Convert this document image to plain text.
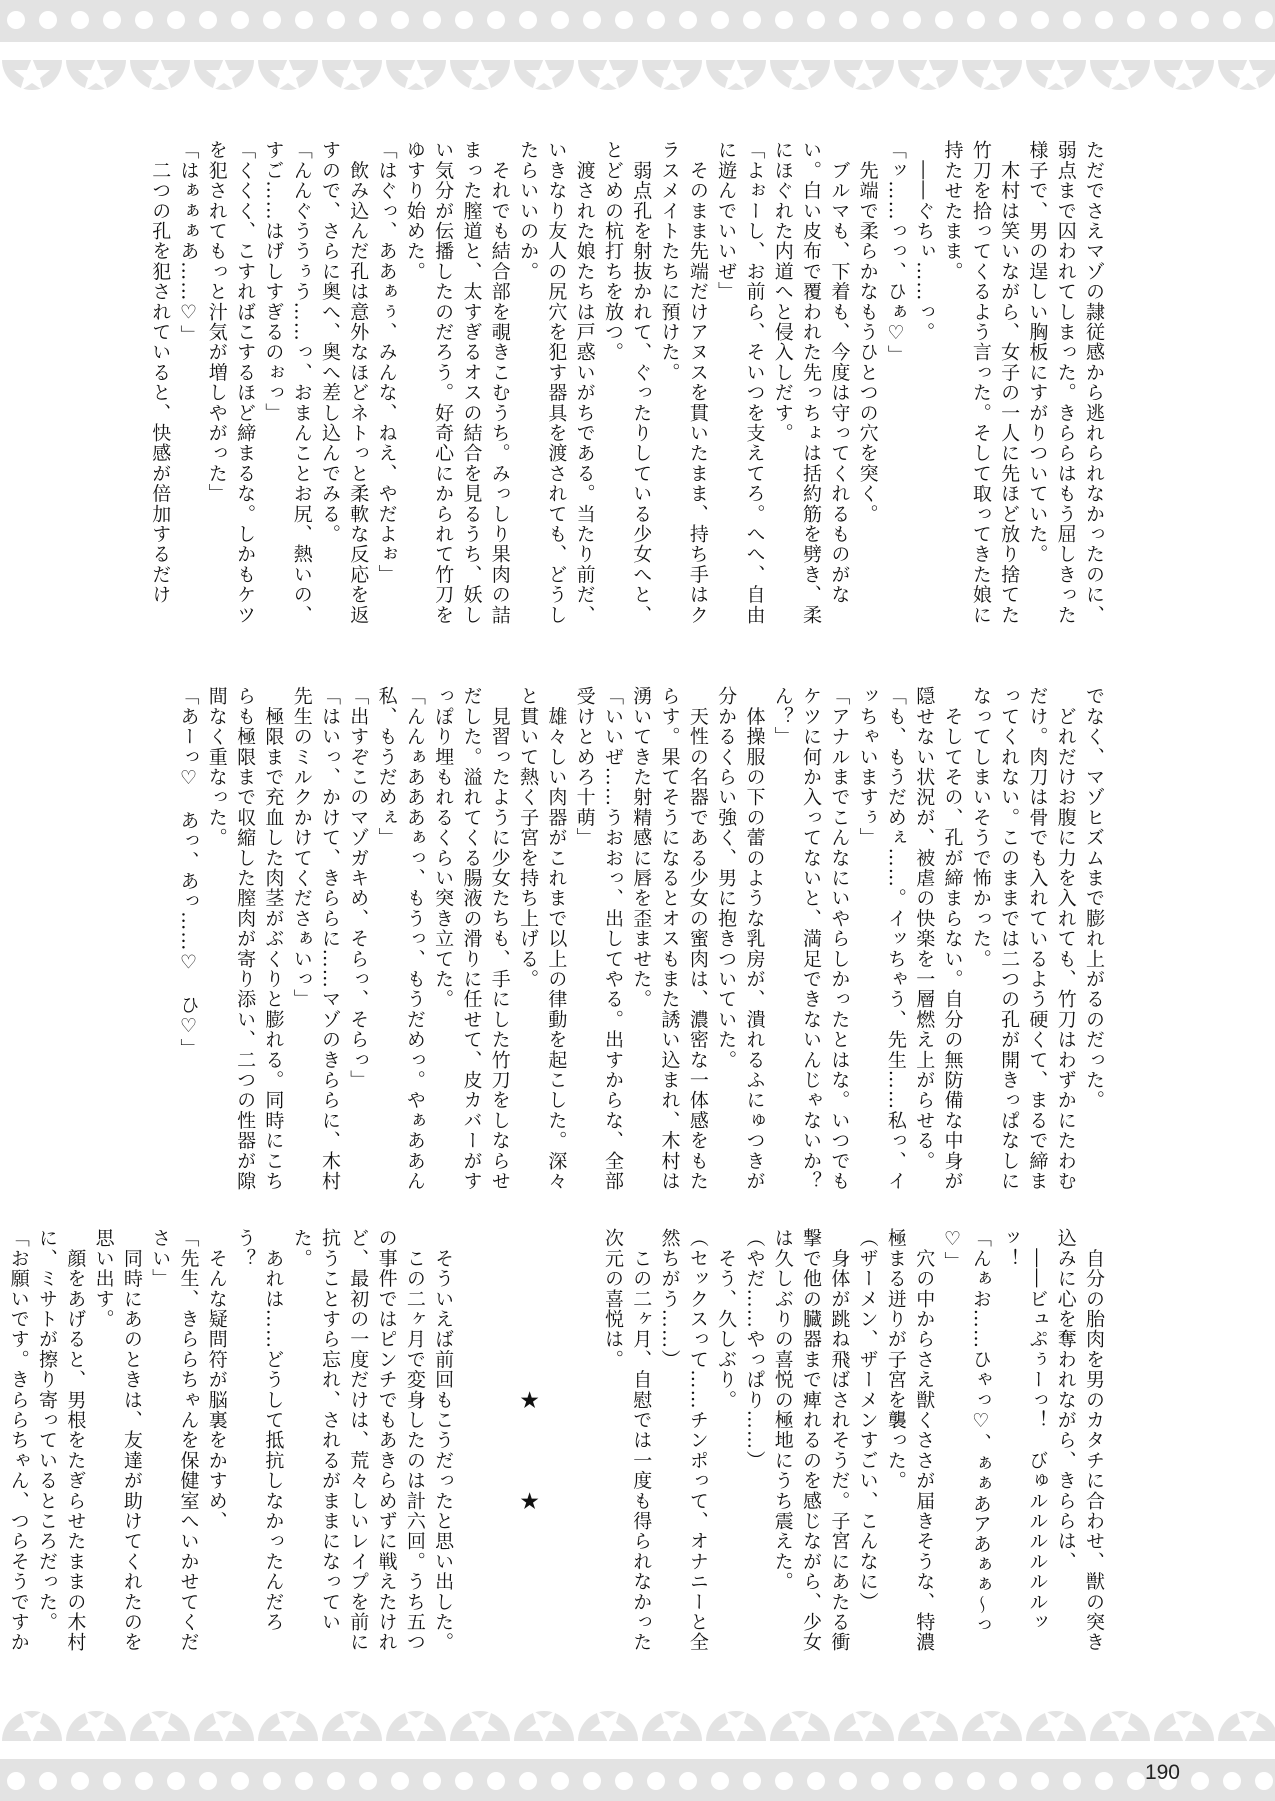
ただでさえマゾの隷従感から逃れられなかったのに、弱点まで囚われてしまった。きららはもう屈しきった様子で、男の逞しい胸板にすがりついていた。
　木村は笑いながら、女子の一人に先ほど放り捨てた竹刀を拾ってくるよう言った。そして取ってきた娘に持たせたまま。
　――ぐちぃ……っ。
「ッ……っっ、ひぁ♡」
　先端で柔らかなもうひとつの穴を突く。
　ブルマも、下着も、今度は守ってくれるものがない。白い皮布で覆われた先っちょは括約筋を劈き、柔にほぐれた内道へと侵入しだす。
「よぉーし、お前ら、そいつを支えてろ。へへ、自由に遊んでいいぜ」
　そのまま先端だけアヌスを貫いたまま、持ち手はクラスメイトたちに預けた。
　弱点孔を射抜かれて、ぐったりしている少女へと、とどめの杭打ちを放つ。
　渡された娘たちは戸惑いがちである。当たり前だ、いきなり友人の尻穴を犯す器具を渡されても、どうしたらいいのか。
　それでも結合部を覗きこむうち。みっしり果肉の詰まった膣道と、太すぎるオスの結合を見るうち、妖しい気分が伝播したのだろう。好奇心にかられて竹刀をゆすり始めた。
「はぐっ、ああぁぅ、みんな、ねえ、やだよぉ」
　飲み込んだ孔は意外なほどネトっと柔軟な反応を返すので、さらに奥へ、奥へ差し込んでみる。
「んんぐううぅう……っ、おまんことお尻、熱いの、すご……はげしすぎるのぉっ」
「くくく、こすればこするほど締まるな。しかもケツを犯されてもっと汁気が増しやがった」
「はぁぁぁあ……♡」
　二つの孔を犯されていると、快感が倍加するだけ
でなく、マゾヒズムまで膨れ上がるのだった。
　どれだけお腹に力を入れても、竹刀はわずかにたわむだけ。肉刀は骨でも入れているよう硬くて、まるで締まってくれない。このままでは二つの孔が開きっぱなしになってしまいそうで怖かった。
　そしてその、孔が締まらない。自分の無防備な中身が隠せない状況が、被虐の快楽を一層燃え上がらせる。
「も、もうだめぇ……。イッちゃう、先生……私っ、イッちゃいますぅ」
「アナルまでこんなにいやらしかったとはな。いつでもケツに何か入ってないと、満足できないんじゃないか？　ん？」
　体操服の下の蕾のような乳房が、潰れるふにゅつきが分かるくらい強く、男に抱きついていた。
　天性の名器である少女の蜜肉は、濃密な一体感をもたらす。果てそうになるとオスもまた誘い込まれ、木村は湧いてきた射精感に唇を歪ませた。
「いいぜ……うおおっ、出してやる。出すからな、全部受けとめろ十萌」
　雄々しい肉器がこれまで以上の律動を起こした。深々と貫いて熱く子宮を持ち上げる。
　見習ったように少女たちも、手にした竹刀をしならせだした。溢れてくる腸液の滑りに任せて、皮カバーがすっぽり埋もれるくらい突き立てた。
「んんぁあああぁっ、もうっ、もうだめっ。やぁああん私、もうだめぇ」
「出すぞこのマゾガキめ、そらっ、そらっ」
「はいっ、かけて、きららに……マゾのきららに、木村先生のミルクかけてくださぁいっ」
　極限まで充血した肉茎がぶくりと膨れる。同時にこちらも極限まで収縮した膣肉が寄り添い、二つの性器が隙間なく重なった。
「あーっ♡　あっ、あっ……♡　ひ♡」
　自分の胎肉を男のカタチに合わせ、獣の突き込みに心を奪われながら、きららは、
　――ビュぷぅーっ！　びゅルルルルルルッッ！
「んぁお……ひゃっ♡、ぁぁあアあぁぁ～っ♡」
　穴の中からさえ獣くささが届きそうな、特濃極まる迸りが子宮を襲った。
（ザーメン、ザーメンすごい、こんなに）
　身体が跳ね飛ばされそうだ。子宮にあたる衝撃で他の臓器まで痺れるのを感じながら、少女は久しぶりの喜悦の極地にうち震えた。
（やだ……やっぱり……）
　そう、久しぶり。
（セックスって……チンポって、オナニーと全然ちがう……）
　この二ヶ月、自慰では一度も得られなかった次元の喜悦は。

　　　　　　　　★　　　　★

　そういえば前回もこうだったと思い出した。
　この二ヶ月で変身したのは計六回。うち五つの事件ではピンチでもあきらめずに戦えたけれど、最初の一度だけは、荒々しいレイプを前に抗うことすら忘れ、されるがままになっていた。
　あれは……どうして抵抗しなかったんだろう？
　そんな疑問符が脳裏をかすめ、
「先生、きららちゃんを保健室へいかせてください」
　同時にあのときは、友達が助けてくれたのを思い出す。
　顔をあげると、男根をたぎらせたままの木村に、ミサトが擦り寄っているところだった。
「お願いです。きららちゃん、つらそうですか

190
